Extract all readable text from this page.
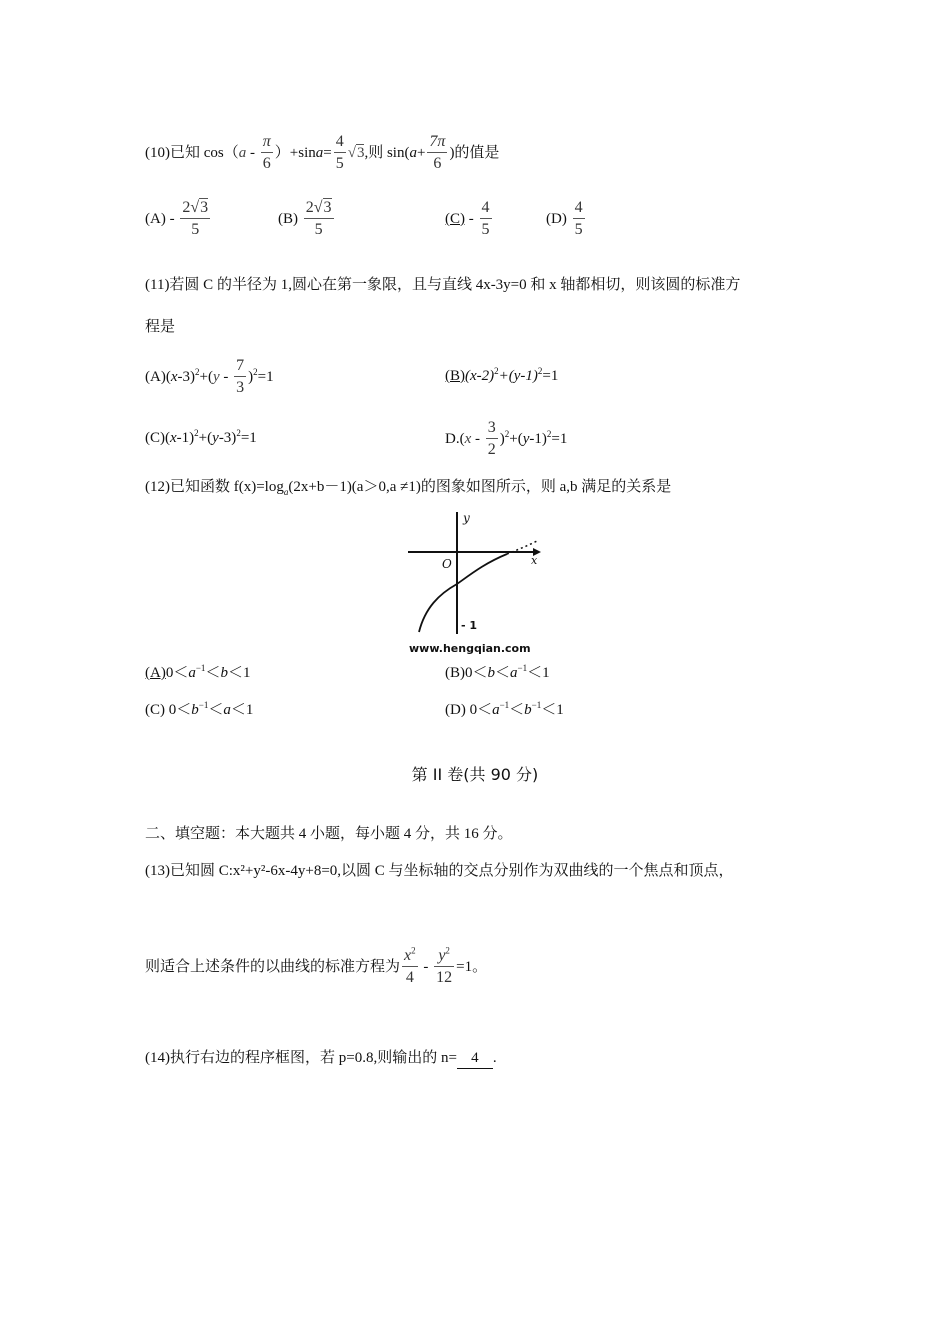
(10)已知 $\cos(a - \frac{\pi}{6} )+\sin a= \frac{4}{5} √3$,则 $\sin(a+ \frac{7\pi}{6}$ )的值是
$(A) - \frac{2√3}{5}$	$(B) \frac{2√3}{5}$	$(C) - \frac{4}{5}$	$(D) \frac{4}{5}$
(11)若圆 C 的半径为 1,圆心在第一象限，且与直线 4x-3y=0 和 x 轴都相切，则该圆的标准方
程是
$(A)(x-3)^2+(y - \frac{7}{3} )^2=1$	$(B)(x-2)^2+(y-1)^2=1$
$(C)(x-1)^2+(y-3)^2=1$	$D.(x - \frac{3}{2} )^2+(y-1)^2=1$
(12)已知函数 $f(x)=\log_a(2x+b-1)(a>0,a \ne 1)$的图象如图所示，则 a,b 满足的关系是
y
x
O
- 1
www.hengqian.com
$(A)0<a^{-1}<b<1$	$(B)0<b<a^{-1}<1$
(C) $0<b^{-1}<a<1$	(D) $0<a^{-1}<b^{-1}<1$
第 II 卷(共 90 分)
二、填空题：本大题共 4 小题，每小题 4 分，共 16 分。
(13)已知圆 C:x²+y²-6x-4y+8=0,以圆 C 与坐标轴的交点分别作为双曲线的一个焦点和顶点，
则适合上述条件的以曲线的标准方程为 $\frac{x^2}{4} - \frac{y^2}{12} =1$。
(14)执行右边的程序框图，若 p=0.8,则输出的 n= 4 .
